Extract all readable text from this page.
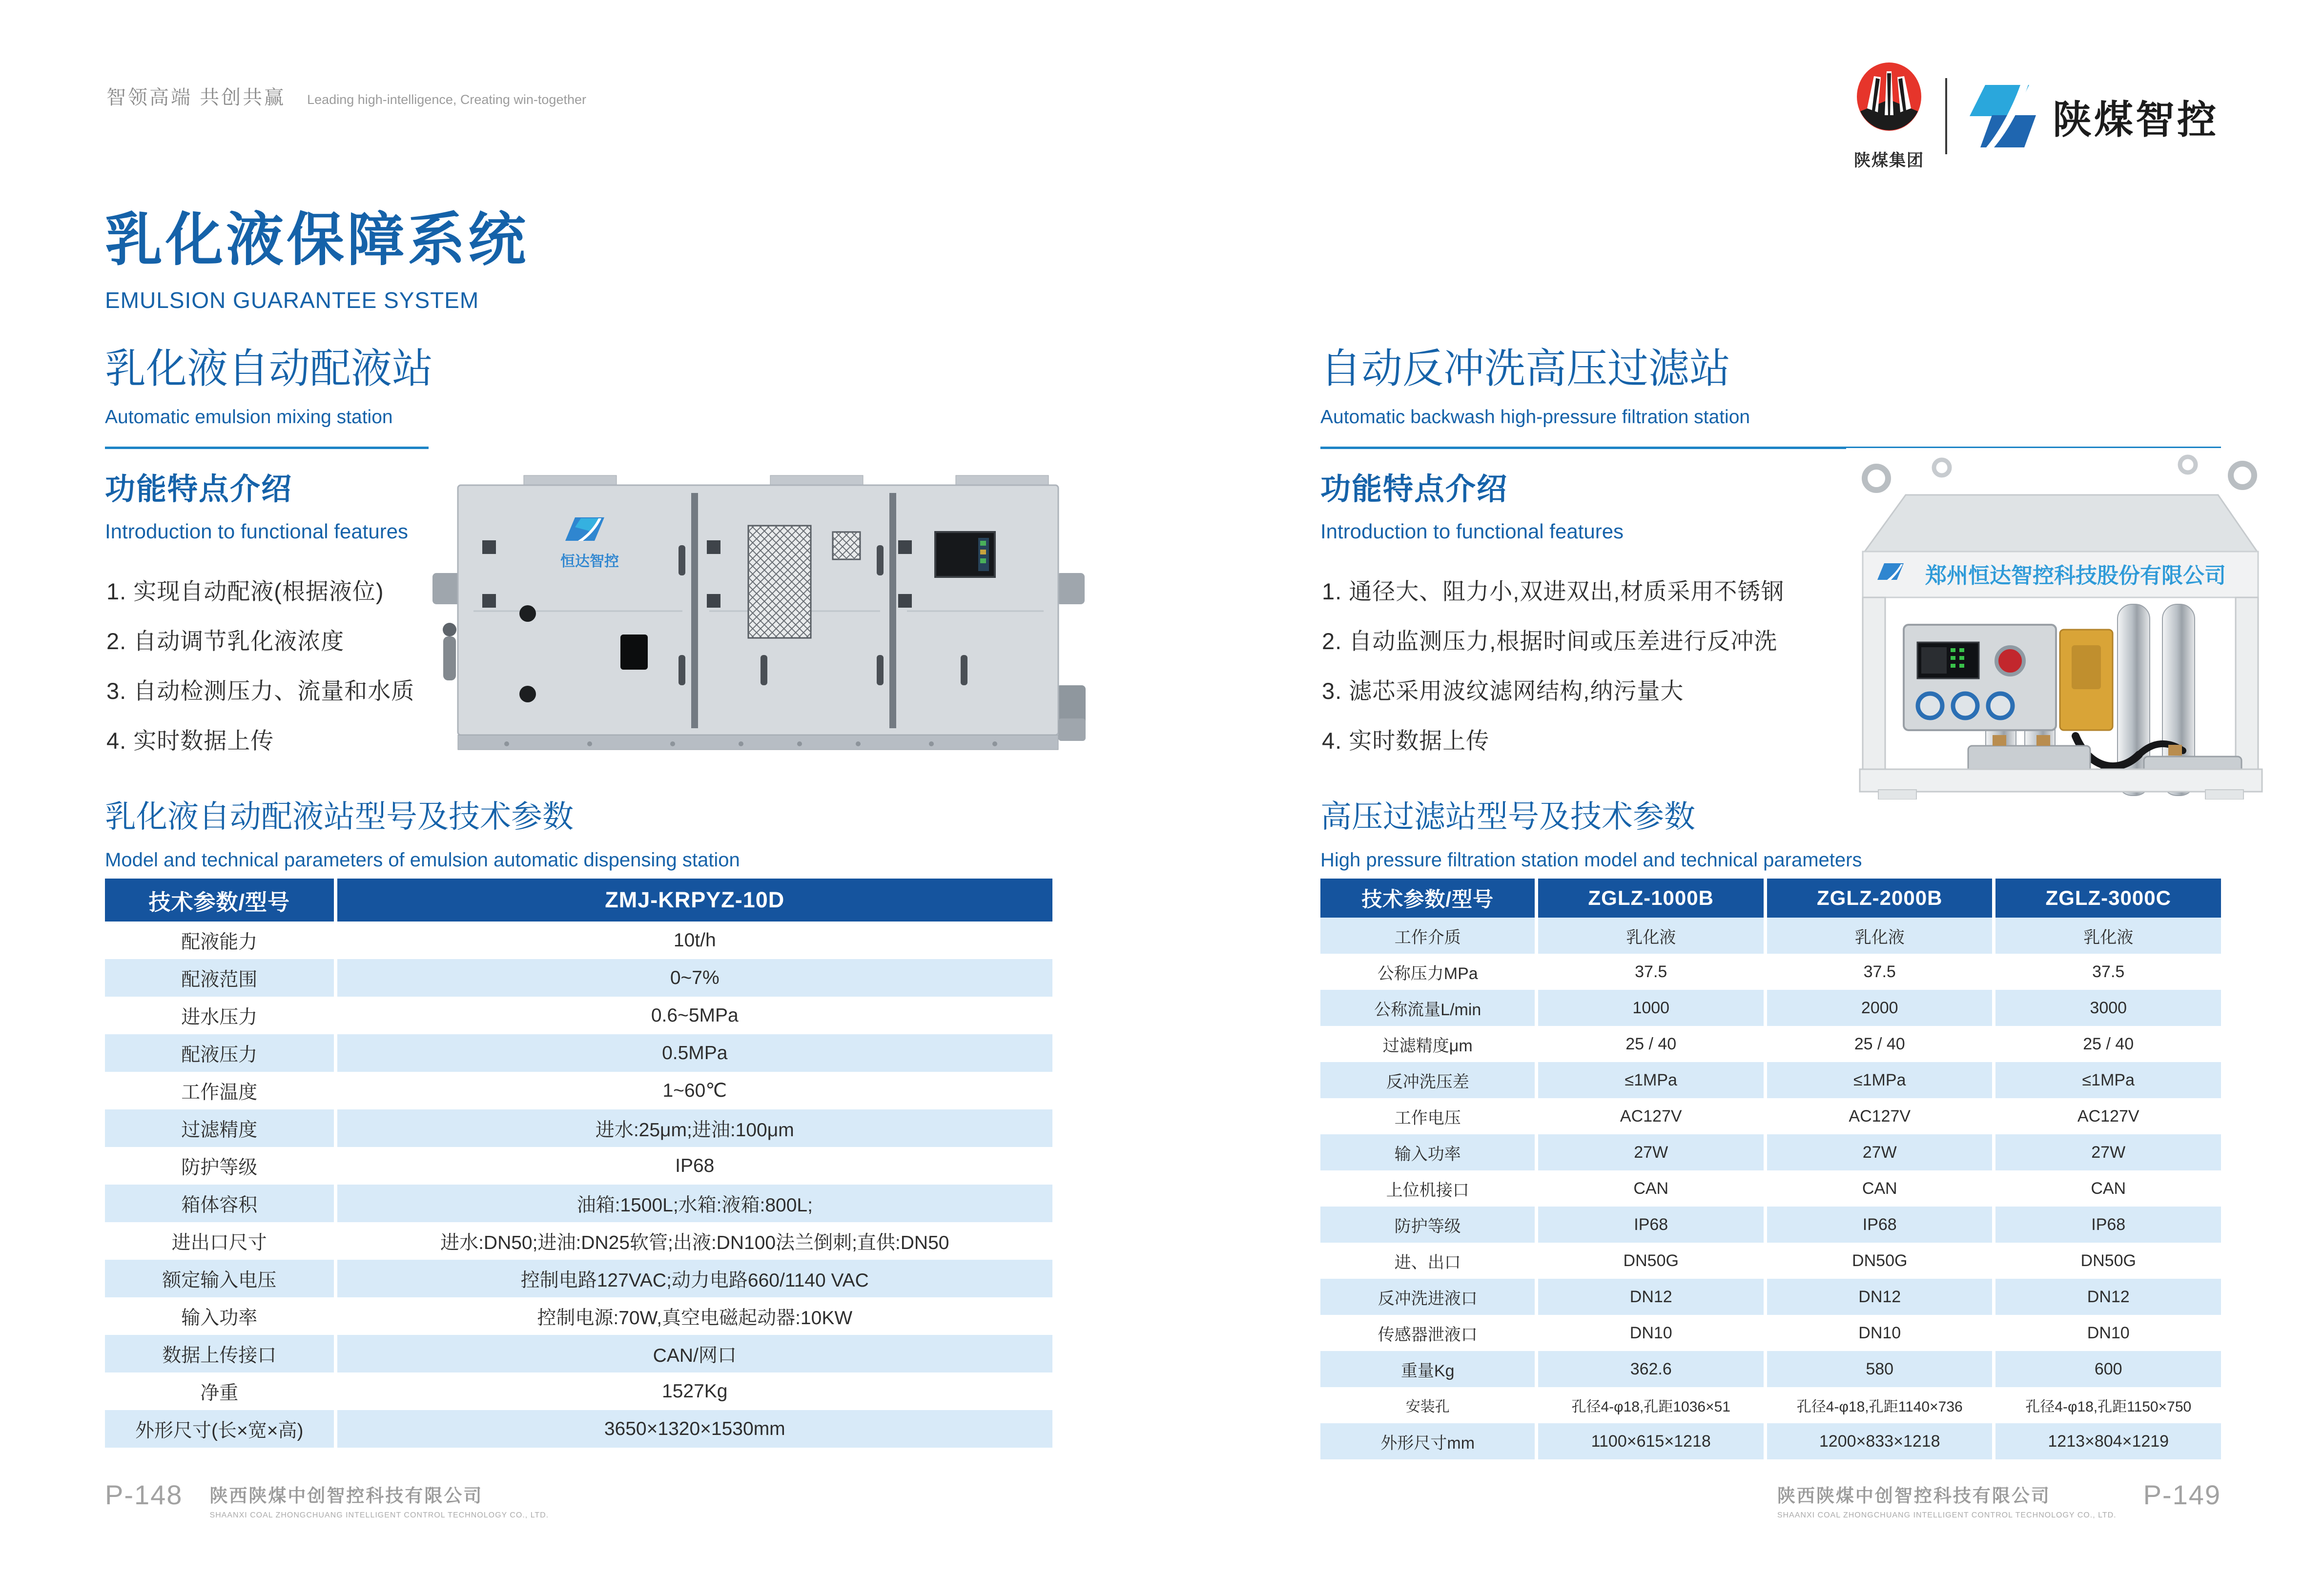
智领高端 共创共赢 Leading high-intelligence, Creating win-together
陕煤集团
陕煤智控
乳化液保障系统
EMULSION GUARANTEE SYSTEM
乳化液自动配液站
Automatic emulsion mixing station
自动反冲洗高压过滤站
Automatic backwash high-pressure filtration station
功能特点介绍
Introduction to functional features
1. 实现自动配液(根据液位)
2. 自动调节乳化液浓度
3. 自动检测压力、流量和水质
4. 实时数据上传
功能特点介绍
Introduction to functional features
1. 通径大、阻力小,双进双出,材质采用不锈钢
2. 自动监测压力,根据时间或压差进行反冲洗
3. 滤芯采用波纹滤网结构,纳污量大
4. 实时数据上传
恒达智控
郑州恒达智控科技股份有限公司
乳化液自动配液站型号及技术参数
Model and technical parameters of emulsion automatic dispensing station
技术参数/型号	ZMJ-KRPYZ-10D
配液能力	10t/h
配液范围	0~7%
进水压力	0.6~5MPa
配液压力	0.5MPa
工作温度	1~60℃
过滤精度	进水:25μm;进油:100μm
防护等级	IP68
箱体容积	油箱:1500L;水箱:液箱:800L;
进出口尺寸	进水:DN50;进油:DN25软管;出液:DN100法兰倒刺;直供:DN50
额定输入电压	控制电路127VAC;动力电路660/1140 VAC
输入功率	控制电源:70W,真空电磁起动器:10KW
数据上传接口	CAN/网口
净重	1527Kg
外形尺寸(长×宽×高)	3650×1320×1530mm
高压过滤站型号及技术参数
High pressure filtration station model and technical parameters
技术参数/型号	ZGLZ-1000B	ZGLZ-2000B	ZGLZ-3000C
工作介质	乳化液	乳化液	乳化液
公称压力MPa	37.5	37.5	37.5
公称流量L/min	1000	2000	3000
过滤精度μm	25 / 40	25 / 40	25 / 40
反冲洗压差	≤1MPa	≤1MPa	≤1MPa
工作电压	AC127V	AC127V	AC127V
输入功率	27W	27W	27W
上位机接口	CAN	CAN	CAN
防护等级	IP68	IP68	IP68
进、出口	DN50G	DN50G	DN50G
反冲洗进液口	DN12	DN12	DN12
传感器泄液口	DN10	DN10	DN10
重量Kg	362.6	580	600
安装孔	孔径4-φ18,孔距1036×51	孔径4-φ18,孔距1140×736	孔径4-φ18,孔距1150×750
外形尺寸mm	1100×615×1218	1200×833×1218	1213×804×1219
P-148 陕西陕煤中创智控科技有限公司
SHAANXI COAL ZHONGCHUANG INTELLIGENT CONTROL TECHNOLOGY CO., LTD.
陕西陕煤中创智控科技有限公司
SHAANXI COAL ZHONGCHUANG INTELLIGENT CONTROL TECHNOLOGY CO., LTD.
P-149
